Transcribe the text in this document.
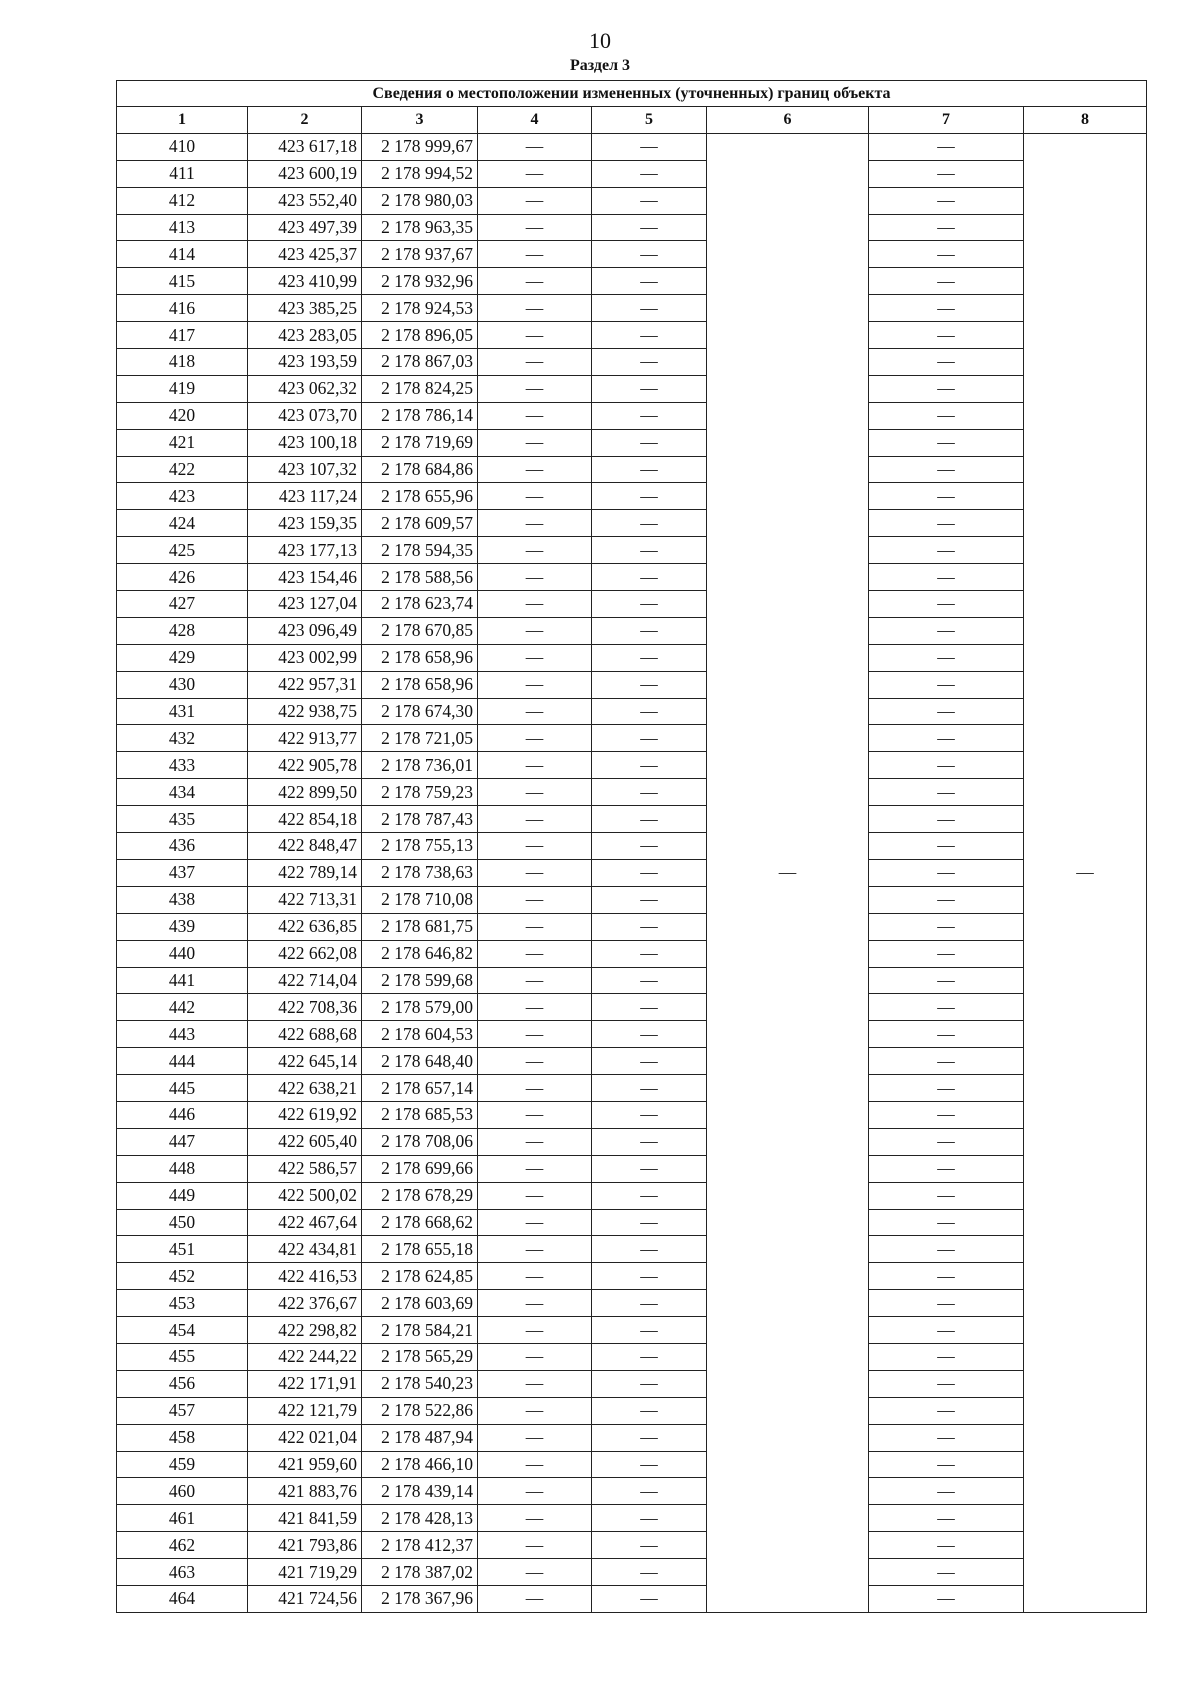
10
Раздел 3
Сведения о местоположении измененных (уточненных) границ объекта							
1	2	3	4	5	6	7	8
410	423 617,18	2 178 999,67	—	—	—	—	—
411	423 600,19	2 178 994,52	—	—		—	
412	423 552,40	2 178 980,03	—	—		—	
413	423 497,39	2 178 963,35	—	—		—	
414	423 425,37	2 178 937,67	—	—		—	
415	423 410,99	2 178 932,96	—	—		—	
416	423 385,25	2 178 924,53	—	—		—	
417	423 283,05	2 178 896,05	—	—		—	
418	423 193,59	2 178 867,03	—	—		—	
419	423 062,32	2 178 824,25	—	—		—	
420	423 073,70	2 178 786,14	—	—		—	
421	423 100,18	2 178 719,69	—	—		—	
422	423 107,32	2 178 684,86	—	—		—	
423	423 117,24	2 178 655,96	—	—		—	
424	423 159,35	2 178 609,57	—	—		—	
425	423 177,13	2 178 594,35	—	—		—	
426	423 154,46	2 178 588,56	—	—		—	
427	423 127,04	2 178 623,74	—	—		—	
428	423 096,49	2 178 670,85	—	—		—	
429	423 002,99	2 178 658,96	—	—		—	
430	422 957,31	2 178 658,96	—	—		—	
431	422 938,75	2 178 674,30	—	—		—	
432	422 913,77	2 178 721,05	—	—		—	
433	422 905,78	2 178 736,01	—	—		—	
434	422 899,50	2 178 759,23	—	—		—	
435	422 854,18	2 178 787,43	—	—		—	
436	422 848,47	2 178 755,13	—	—		—	
437	422 789,14	2 178 738,63	—	—		—	
438	422 713,31	2 178 710,08	—	—		—	
439	422 636,85	2 178 681,75	—	—		—	
440	422 662,08	2 178 646,82	—	—		—	
441	422 714,04	2 178 599,68	—	—		—	
442	422 708,36	2 178 579,00	—	—		—	
443	422 688,68	2 178 604,53	—	—		—	
444	422 645,14	2 178 648,40	—	—		—	
445	422 638,21	2 178 657,14	—	—		—	
446	422 619,92	2 178 685,53	—	—		—	
447	422 605,40	2 178 708,06	—	—		—	
448	422 586,57	2 178 699,66	—	—		—	
449	422 500,02	2 178 678,29	—	—		—	
450	422 467,64	2 178 668,62	—	—		—	
451	422 434,81	2 178 655,18	—	—		—	
452	422 416,53	2 178 624,85	—	—		—	
453	422 376,67	2 178 603,69	—	—		—	
454	422 298,82	2 178 584,21	—	—		—	
455	422 244,22	2 178 565,29	—	—		—	
456	422 171,91	2 178 540,23	—	—		—	
457	422 121,79	2 178 522,86	—	—		—	
458	422 021,04	2 178 487,94	—	—		—	
459	421 959,60	2 178 466,10	—	—		—	
460	421 883,76	2 178 439,14	—	—		—	
461	421 841,59	2 178 428,13	—	—		—	
462	421 793,86	2 178 412,37	—	—		—	
463	421 719,29	2 178 387,02	—	—		—	
464	421 724,56	2 178 367,96	—	—		—	
